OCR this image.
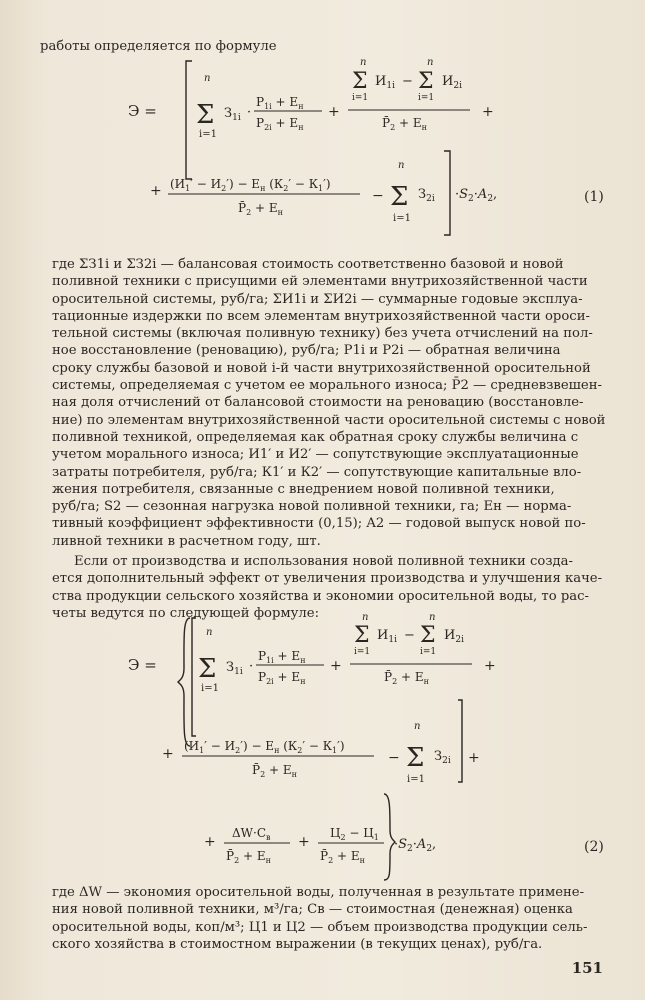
работы определяется по формуле
Э =
n
Σ
i=1
$З_{1i}$ ·
$P_{1i} + E_н$
$P_{2i} + E_н$
+
n
Σ
i=1
$И_{1i}$ −
n
Σ
i=1
$И_{2i}$
$P̄_2 + E_н$
+
+ $(И_1' - И_2') - E_н$ $(К_2' - К_1')$
$P̄_2 + E_н$
−
n
Σ
i=1
$З_{2i} \cdot S_2\cdot A_2$,	(1)
где ΣЗ1i и ΣЗ2i — балансовая стоимость соответственно базовой и новой
поливной техники с присущими ей элементами внутрихозяйственной части
оросительной системы, руб/га; ΣИ1i и ΣИ2i — суммарные годовые эксплуа-
тационные издержки по всем элементам внутрихозяйственной части ороси-
тельной системы (включая поливную технику) без учета отчислений на пол-
ное восстановление (реновацию), руб/га; P1i и P2i — обратная величина
сроку службы базовой и новой i-й части внутрихозяйственной оросительной
системы, определяемая с учетом ее морального износа; P̄2 — средневзвешен-
ная доля отчислений от балансовой стоимости на реновацию (восстановле-
ние) по элементам внутрихозяйственной части оросительной системы с новой
поливной техникой, определяемая как обратная сроку службы величина с
учетом морального износа; И1′ и И2′ — сопутствующие эксплуатационные
затраты потребителя, руб/га; К1′ и К2′ — сопутствующие капитальные вло-
жения потребителя, связанные с внедрением новой поливной техники,
руб/га; S2 — сезонная нагрузка новой поливной техники, га; Ен — норма-
тивный коэффициент эффективности (0,15); A2 — годовой выпуск новой по-
ливной техники в расчетном году, шт.
Если от производства и использования новой поливной техники созда-
ется дополнительный эффект от увеличения производства и улучшения каче-
ства продукции сельского хозяйства и экономии оросительной воды, то рас-
четы ведутся по следующей формуле:
Э =
n
Σ
i=1
$З_{1i}$ ·
$P_{1i} + E_н$
$P_{2i} + E_н$
+
n
Σ
i=1
$И_{1i}$ −
n
Σ
i=1
$И_{2i}$
$P̄_2 + E_н$
+
+ $(И_1' - И_2') - E_н$ $(К_2' - К_1')$
$P̄_2 + E_н$
−
n
Σ
i=1
$З_{2i}$ +
+
$\Delta W\cdot C_в$
$P̄_2 + E_н$
+
$Ц_2 - Ц_1$
$P̄_2 + E_н$
$\cdot S_2\cdot A_2$,	(2)
где ΔW — экономия оросительной воды, полученная в результате примене-
ния новой поливной техники, м³/га; Cв — стоимостная (денежная) оценка
оросительной воды, коп/м³; Ц1 и Ц2 — объем производства продукции сель-
ского хозяйства в стоимостном выражении (в текущих ценах), руб/га.
151
